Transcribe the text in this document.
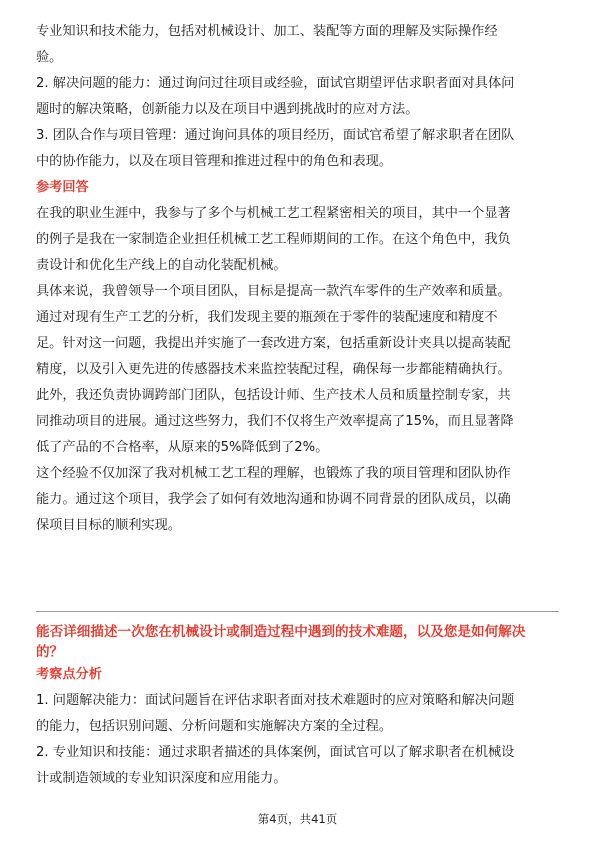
专业知识和技术能力，包括对机械设计、加工、装配等方面的理解及实际操作经
验。
2. 解决问题的能力：通过询问过往项目或经验，面试官期望评估求职者面对具体问
题时的解决策略，创新能力以及在项目中遇到挑战时的应对方法。
3. 团队合作与项目管理：通过询问具体的项目经历，面试官希望了解求职者在团队
中的协作能力，以及在项目管理和推进过程中的角色和表现。
参考回答
在我的职业生涯中，我参与了多个与机械工艺工程紧密相关的项目，其中一个显著
的例子是我在一家制造企业担任机械工艺工程师期间的工作。在这个角色中，我负
责设计和优化生产线上的自动化装配机械。
具体来说，我曾领导一个项目团队，目标是提高一款汽车零件的生产效率和质量。
通过对现有生产工艺的分析，我们发现主要的瓶颈在于零件的装配速度和精度不
足。针对这一问题，我提出并实施了一套改进方案，包括重新设计夹具以提高装配
精度，以及引入更先进的传感器技术来监控装配过程，确保每一步都能精确执行。
此外，我还负责协调跨部门团队，包括设计师、生产技术人员和质量控制专家，共
同推动项目的进展。通过这些努力，我们不仅将生产效率提高了15%，而且显著降
低了产品的不合格率，从原来的5%降低到了2%。
这个经验不仅加深了我对机械工艺工程的理解，也锻炼了我的项目管理和团队协作
能力。通过这个项目，我学会了如何有效地沟通和协调不同背景的团队成员，以确
保项目目标的顺利实现。
能否详细描述一次您在机械设计或制造过程中遇到的技术难题，以及您是如何解决
的？
考察点分析
1. 问题解决能力：面试问题旨在评估求职者面对技术难题时的应对策略和解决问题
的能力，包括识别问题、分析问题和实施解决方案的全过程。
2. 专业知识和技能：通过求职者描述的具体案例，面试官可以了解求职者在机械设
计或制造领域的专业知识深度和应用能力。
第4页，共41页
